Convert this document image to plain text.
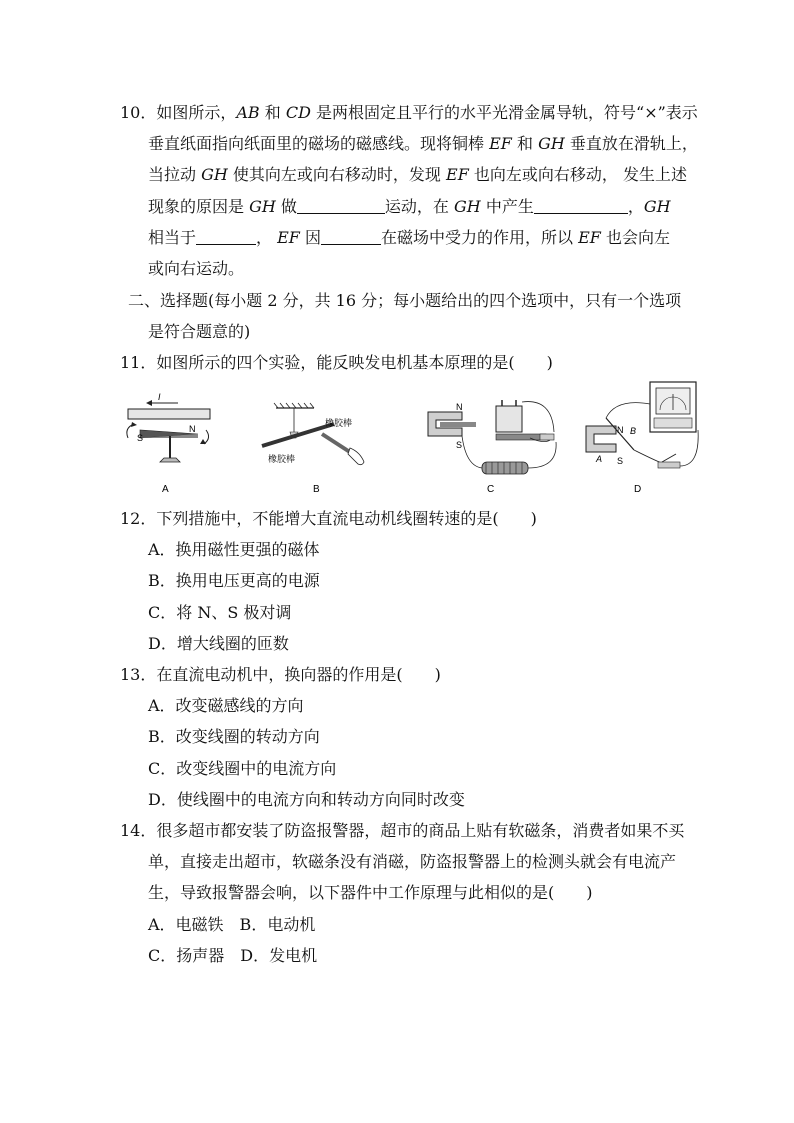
10．如图所示，AB 和 CD 是两根固定且平行的水平光滑金属导轨，符号“×”表示
垂直纸面指向纸面里的磁场的磁感线。现将铜棒 EF 和 GH 垂直放在滑轨上，
当拉动 GH 使其向左或向右移动时，发现 EF 也向左或向右移动， 发生上述
现象的原因是 GH 做	运动，在 GH 中产生	，GH
相当于	， EF 因	在磁场中受力的作用，所以 EF 也会向左
或向右运动。
二、选择题(每小题 2 分，共 16 分；每小题给出的四个选项中，只有一个选项
是符合题意的)
11．如图所示的四个实验，能反映发电机基本原理的是(　　)
I
S
N
A
橡胶棒
橡胶棒
B
N
S
C
N
S
A
B
D
12．下列措施中，不能增大直流电动机线圈转速的是(　　)
A．换用磁性更强的磁体
B．换用电压更高的电源
C．将 N、S 极对调
D．增大线圈的匝数
13．在直流电动机中，换向器的作用是(　　)
A．改变磁感线的方向
B．改变线圈的转动方向
C．改变线圈中的电流方向
D．使线圈中的电流方向和转动方向同时改变
14．很多超市都安装了防盗报警器，超市的商品上贴有软磁条，消费者如果不买
单，直接走出超市，软磁条没有消磁，防盗报警器上的检测头就会有电流产
生，导致报警器会响，以下器件中工作原理与此相似的是(　　)
A．电磁铁　B．电动机
C．扬声器　D．发电机
